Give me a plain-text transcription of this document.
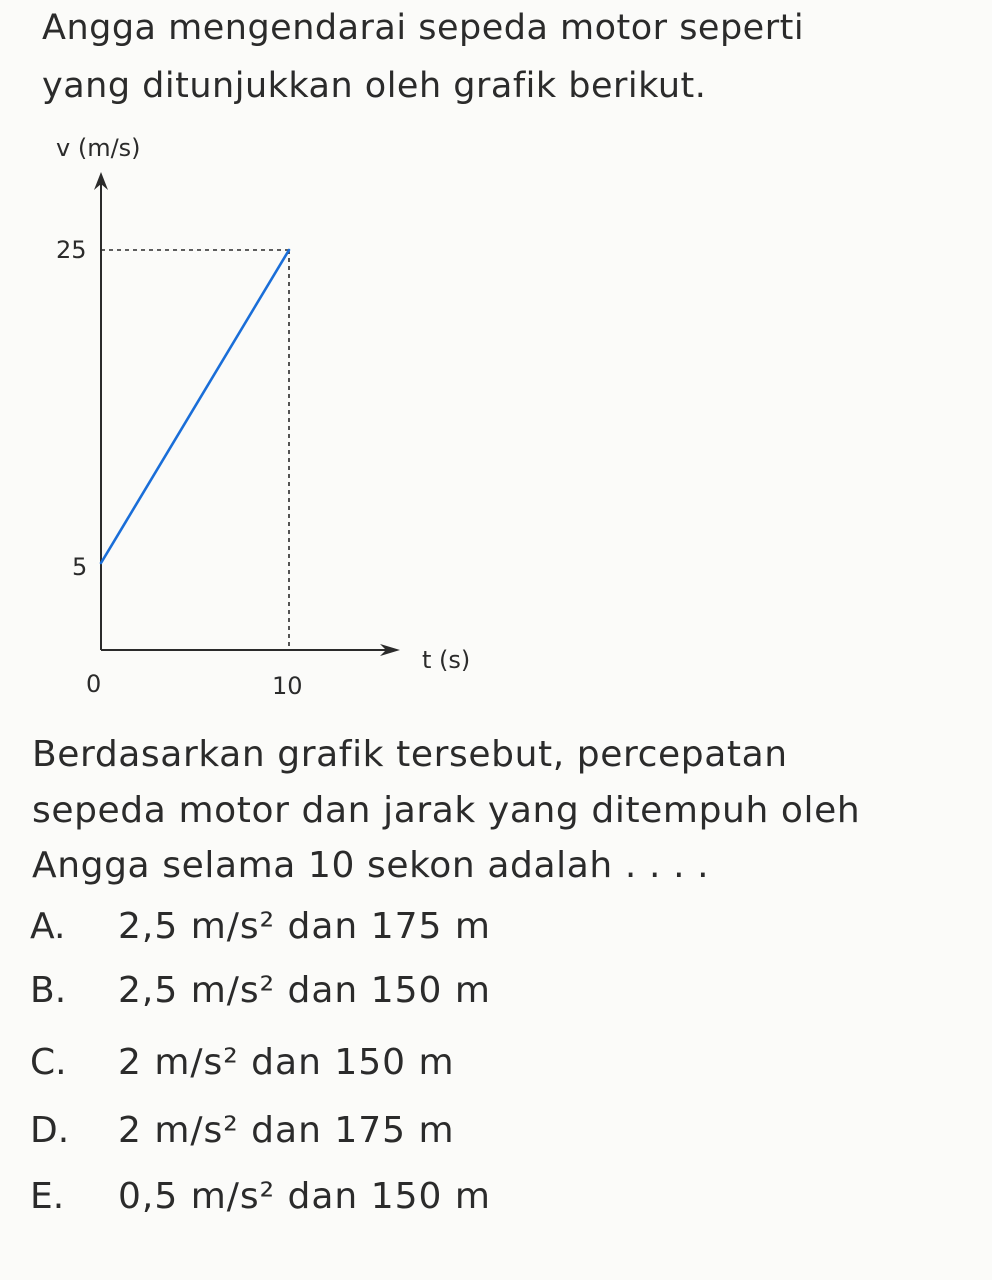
Angga mengendarai sepeda motor seperti
yang ditunjukkan oleh grafik berikut.
v (m/s)
t (s)
0	10
25
5
Berdasarkan grafik tersebut, percepatan
sepeda motor dan jarak yang ditempuh oleh
Angga selama 10 sekon adalah . . . .
A. 2,5 m/s² dan 175 m
B. 2,5 m/s² dan 150 m
C. 2 m/s² dan 150 m
D. 2 m/s² dan 175 m
E. 0,5 m/s² dan 150 m
